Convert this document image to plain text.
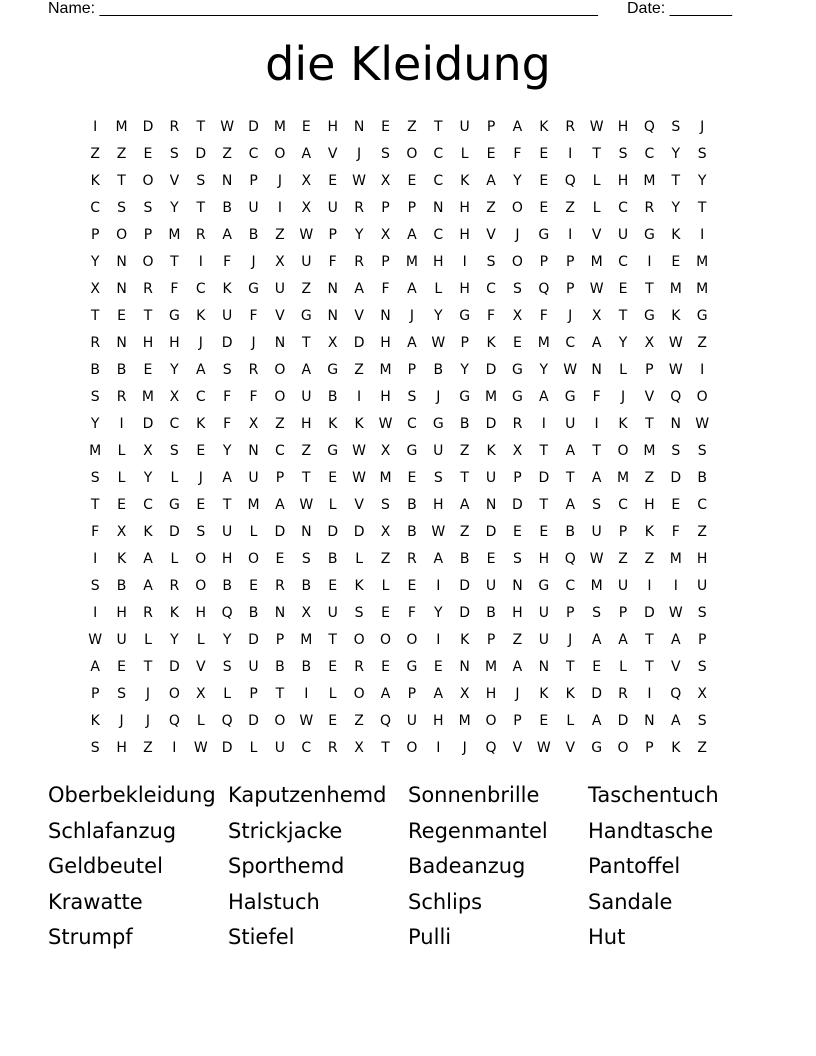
Name: ________________________________________________________

Date: _______

die Kleidung
I	M	D	R	T	W	D	M	E	H	N	E	Z	T	U	P	A	K	R	W	H	Q	S	J
Z	Z	E	S	D	Z	C	O	A	V	J	S	O	C	L	E	F	E	I	T	S	C	Y	S
K	T	O	V	S	N	P	J	X	E	W	X	E	C	K	A	Y	E	Q	L	H	M	T	Y
C	S	S	Y	T	B	U	I	X	U	R	P	P	N	H	Z	O	E	Z	L	C	R	Y	T
P	O	P	M	R	A	B	Z	W	P	Y	X	A	C	H	V	J	G	I	V	U	G	K	I
Y	N	O	T	I	F	J	X	U	F	R	P	M	H	I	S	O	P	P	M	C	I	E	M
X	N	R	F	C	K	G	U	Z	N	A	F	A	L	H	C	S	Q	P	W	E	T	M	M
T	E	T	G	K	U	F	V	G	N	V	N	J	Y	G	F	X	F	J	X	T	G	K	G
R	N	H	H	J	D	J	N	T	X	D	H	A	W	P	K	E	M	C	A	Y	X	W	Z
B	B	E	Y	A	S	R	O	A	G	Z	M	P	B	Y	D	G	Y	W	N	L	P	W	I
S	R	M	X	C	F	F	O	U	B	I	H	S	J	G	M	G	A	G	F	J	V	Q	O
Y	I	D	C	K	F	X	Z	H	K	K	W	C	G	B	D	R	I	U	I	K	T	N	W
M	L	X	S	E	Y	N	C	Z	G	W	X	G	U	Z	K	X	T	A	T	O	M	S	S
S	L	Y	L	J	A	U	P	T	E	W M	E	S	T	U	P	D	T	A	M	Z	D	B
T	E	C	G	E	T	M	A	W	L	V	S	B	H	A	N	D	T	A	S	C	H	E	C
F	X	K	D	S	U	L	D	N	D	D	X	B	W	Z	D	E	E	B	U	P	K	F	Z
I	K	A	L	O	H	O	E	S	B	L	Z	R	A	B	E	S	H	Q W	Z	Z	M	H
S	B	A	R	O	B	E	R	B	E	K	L	E	I	D	U	N	G	C	M	U	I	I	U
I	H	R	K	H	Q	B	N	X	U	S	E	F	Y	D	B	H	U	P	S	P	D	W	S
W	U	L	Y	L	Y	D	P	M	T	O	O	O	I	K	P	Z	U	J	A	A	T	A	P
A	E	T	D	V	S	U	B	B	E	R	E	G	E	N	M	A	N	T	E	L	T	V	S
P	S	J	O	X	L	P	T	I	L	O	A	P	A	X	H	J	K	K	D	R	I	Q	X
K	J	J	Q	L	Q	D	O W	E	Z	Q	U	H	M	O	P	E	L	A	D	N	A	S
S	H	Z	I	W	D	L	U	C	R	X	T	O	I	J	Q	V	W	V	G	O	P	K	Z
Oberbekleidung Kaputzenhemd	Sonnenbrille	Taschentuch
Schlafanzug	Strickjacke	Regenmantel	Handtasche
Geldbeutel	Sporthemd	Badeanzug	Pantoffel
Krawatte	Halstuch	Schlips	Sandale
Strumpf	Stiefel	Pulli	Hut
